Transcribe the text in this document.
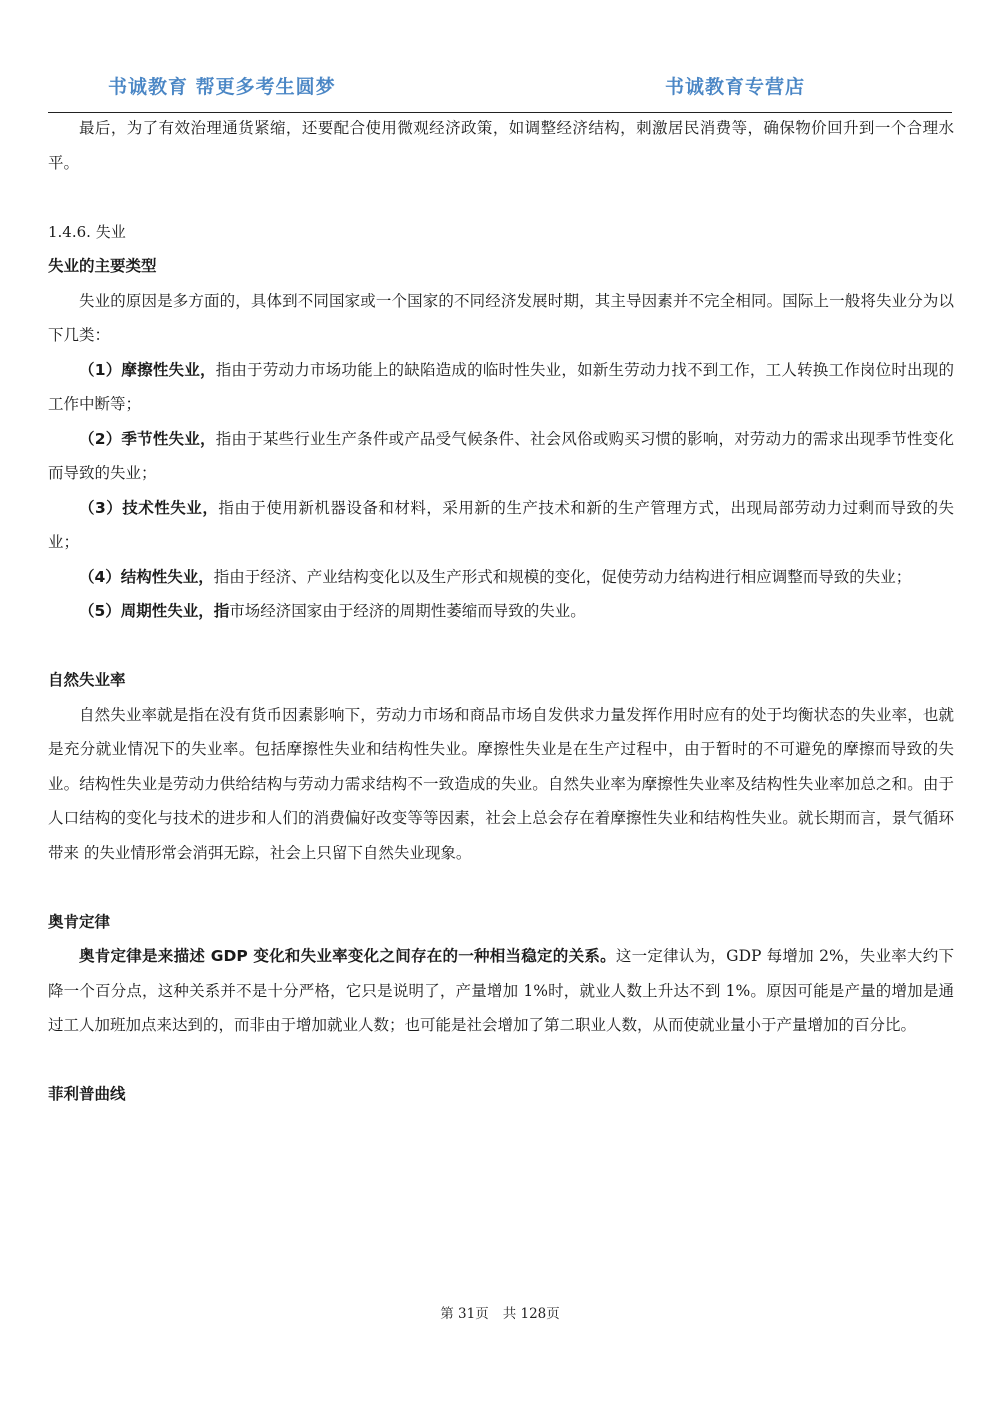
书诚教育 帮更多考生圆梦	书诚教育专营店

最后，为了有效治理通货紧缩，还要配合使用微观经济政策，如调整经济结构，刺激居民消费等，确保物价回升到一个合理水平。

1.4.6. 失业

失业的主要类型

失业的原因是多方面的，具体到不同国家或一个国家的不同经济发展时期，其主导因素并不完全相同。国际上一般将失业分为以下几类：

（1）摩擦性失业，指由于劳动力市场功能上的缺陷造成的临时性失业，如新生劳动力找不到工作，工人转换工作岗位时出现的工作中断等；

（2）季节性失业，指由于某些行业生产条件或产品受气候条件、社会风俗或购买习惯的影响，对劳动力的需求出现季节性变化而导致的失业；

（3）技术性失业，指由于使用新机器设备和材料，采用新的生产技术和新的生产管理方式，出现局部劳动力过剩而导致的失业；

（4）结构性失业，指由于经济、产业结构变化以及生产形式和规模的变化，促使劳动力结构进行相应调整而导致的失业；

（5）周期性失业，指市场经济国家由于经济的周期性萎缩而导致的失业。

自然失业率

自然失业率就是指在没有货币因素影响下，劳动力市场和商品市场自发供求力量发挥作用时应有的处于均衡状态的失业率，也就是充分就业情况下的失业率。包括摩擦性失业和结构性失业。摩擦性失业是在生产过程中，由于暂时的不可避免的摩擦而导致的失业。结构性失业是劳动力供给结构与劳动力需求结构不一致造成的失业。自然失业率为摩擦性失业率及结构性失业率加总之和。由于人口结构的变化与技术的进步和人们的消费偏好改变等等因素，社会上总会存在着摩擦性失业和结构性失业。就长期而言，景气循环带来 的失业情形常会消弭无踪，社会上只留下自然失业现象。

奥肯定律

奥肯定律是来描述 GDP 变化和失业率变化之间存在的一种相当稳定的关系。这一定律认为，GDP 每增加 2%，失业率大约下降一个百分点，这种关系并不是十分严格，它只是说明了，产量增加 1%时，就业人数上升达不到 1%。原因可能是产量的增加是通过工人加班加点来达到的，而非由于增加就业人数；也可能是社会增加了第二职业人数，从而使就业量小于产量增加的百分比。

菲利普曲线

第 31页 共 128页
